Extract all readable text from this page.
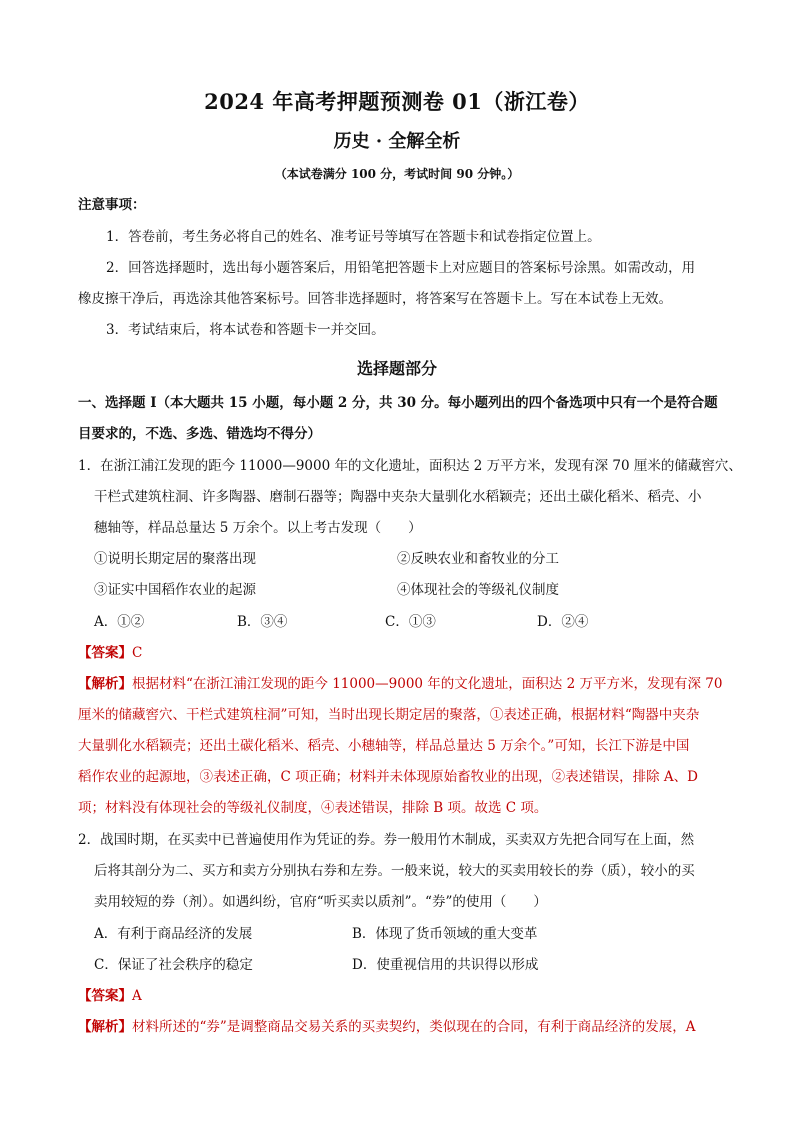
2024 年高考押题预测卷 01（浙江卷）
历史 · 全解全析
（本试卷满分 100 分，考试时间 90 分钟。）
注意事项：
1．答卷前，考生务必将自己的姓名、准考证号等填写在答题卡和试卷指定位置上。
2．回答选择题时，选出每小题答案后，用铅笔把答题卡上对应题目的答案标号涂黑。如需改动，用
橡皮擦干净后，再选涂其他答案标号。回答非选择题时，将答案写在答题卡上。写在本试卷上无效。
3．考试结束后，将本试卷和答题卡一并交回。
选择题部分
一、选择题 I（本大题共 15 小题，每小题 2 分，共 30 分。每小题列出的四个备选项中只有一个是符合题
目要求的，不选、多选、错选均不得分）
1．在浙江浦江发现的距今 11000—9000 年的文化遗址，面积达 2 万平方米，发现有深 70 厘米的储藏窖穴、
干栏式建筑柱洞、许多陶器、磨制石器等；陶器中夹杂大量驯化水稻颖壳；还出土碳化稻米、稻壳、小
穗轴等，样品总量达 5 万余个。以上考古发现（　　）
①说明长期定居的聚落出现	②反映农业和畜牧业的分工
③证实中国稻作农业的起源	④体现社会的等级礼仪制度
A．①②	B．③④	C．①③	D．②④
【答案】C
【解析】根据材料“在浙江浦江发现的距今 11000—9000 年的文化遗址，面积达 2 万平方米，发现有深 70
厘米的储藏窖穴、干栏式建筑柱洞”可知，当时出现长期定居的聚落，①表述正确，根据材料“陶器中夹杂
大量驯化水稻颖壳；还出土碳化稻米、稻壳、小穗轴等，样品总量达 5 万余个。”可知，长江下游是中国
稻作农业的起源地，③表述正确，C 项正确；材料并未体现原始畜牧业的出现，②表述错误，排除 A、D
项；材料没有体现社会的等级礼仪制度，④表述错误，排除 B 项。故选 C 项。
2．战国时期，在买卖中已普遍使用作为凭证的券。券一般用竹木制成，买卖双方先把合同写在上面，然
后将其剖分为二、买方和卖方分别执右券和左券。一般来说，较大的买卖用较长的券（质），较小的买
卖用较短的券（剂）。如遇纠纷，官府“听买卖以质剂”。“券”的使用（　　）
A．有利于商品经济的发展	B．体现了货币领域的重大变革
C．保证了社会秩序的稳定	D．使重视信用的共识得以形成
【答案】A
【解析】材料所述的“券”是调整商品交易关系的买卖契约，类似现在的合同，有利于商品经济的发展，A
